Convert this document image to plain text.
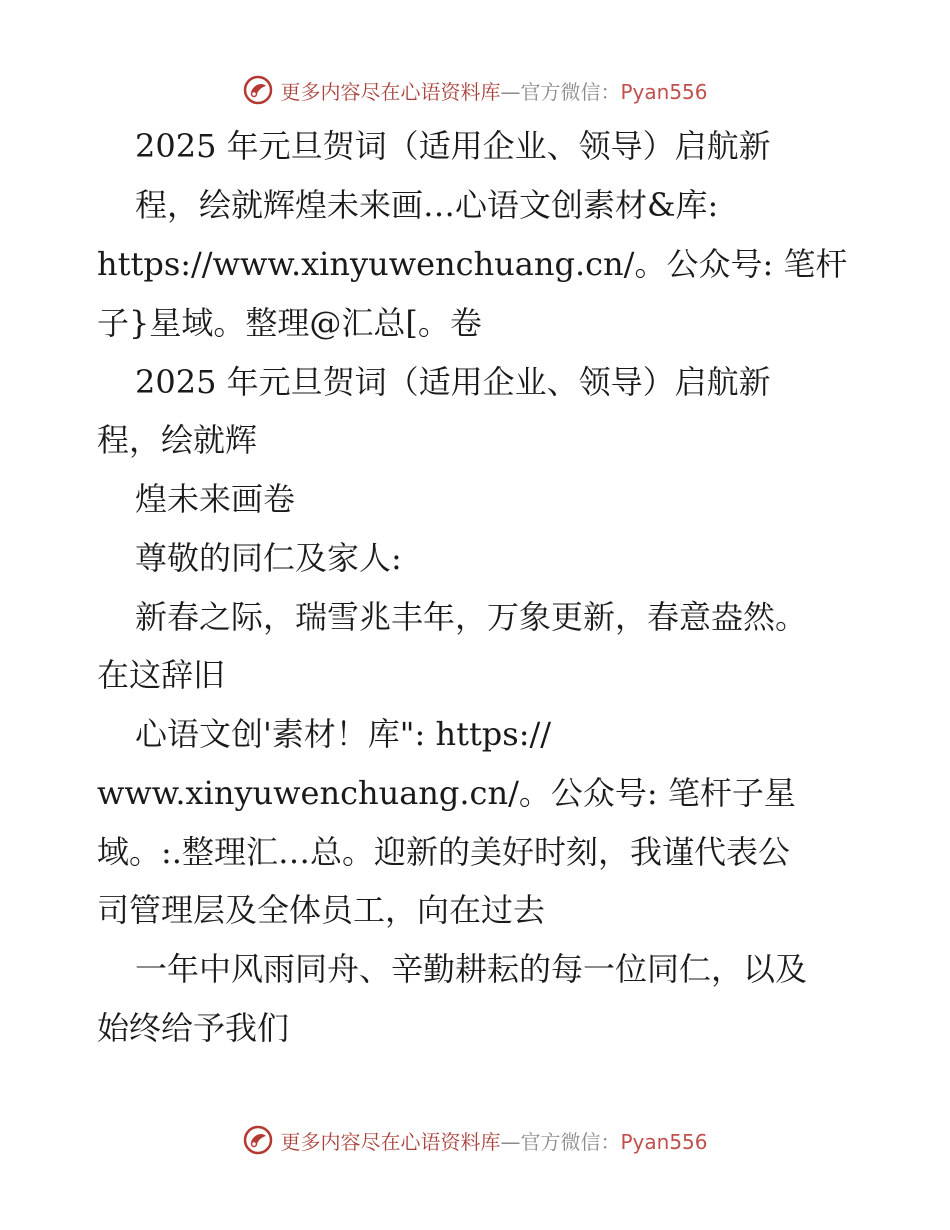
更多内容尽在心语资料库—官方微信：Pyan556
2025 年元旦贺词（适用企业、领导）启航新
程，绘就辉煌未来画…心语文创素材&库:
https://www.xinyuwenchuang.cn/。公众号: 笔杆
子}星域。整理@汇总[。卷
2025 年元旦贺词（适用企业、领导）启航新
程，绘就辉
煌未来画卷
尊敬的同仁及家人:
新春之际，瑞雪兆丰年，万象更新，春意盎然。
在这辞旧
心语文创'素材！库": https://
www.xinyuwenchuang.cn/。公众号: 笔杆子星
域。:.整理汇…总。迎新的美好时刻，我谨代表公
司管理层及全体员工，向在过去
一年中风雨同舟、辛勤耕耘的每一位同仁，以及
始终给予我们
更多内容尽在心语资料库—官方微信：Pyan556
